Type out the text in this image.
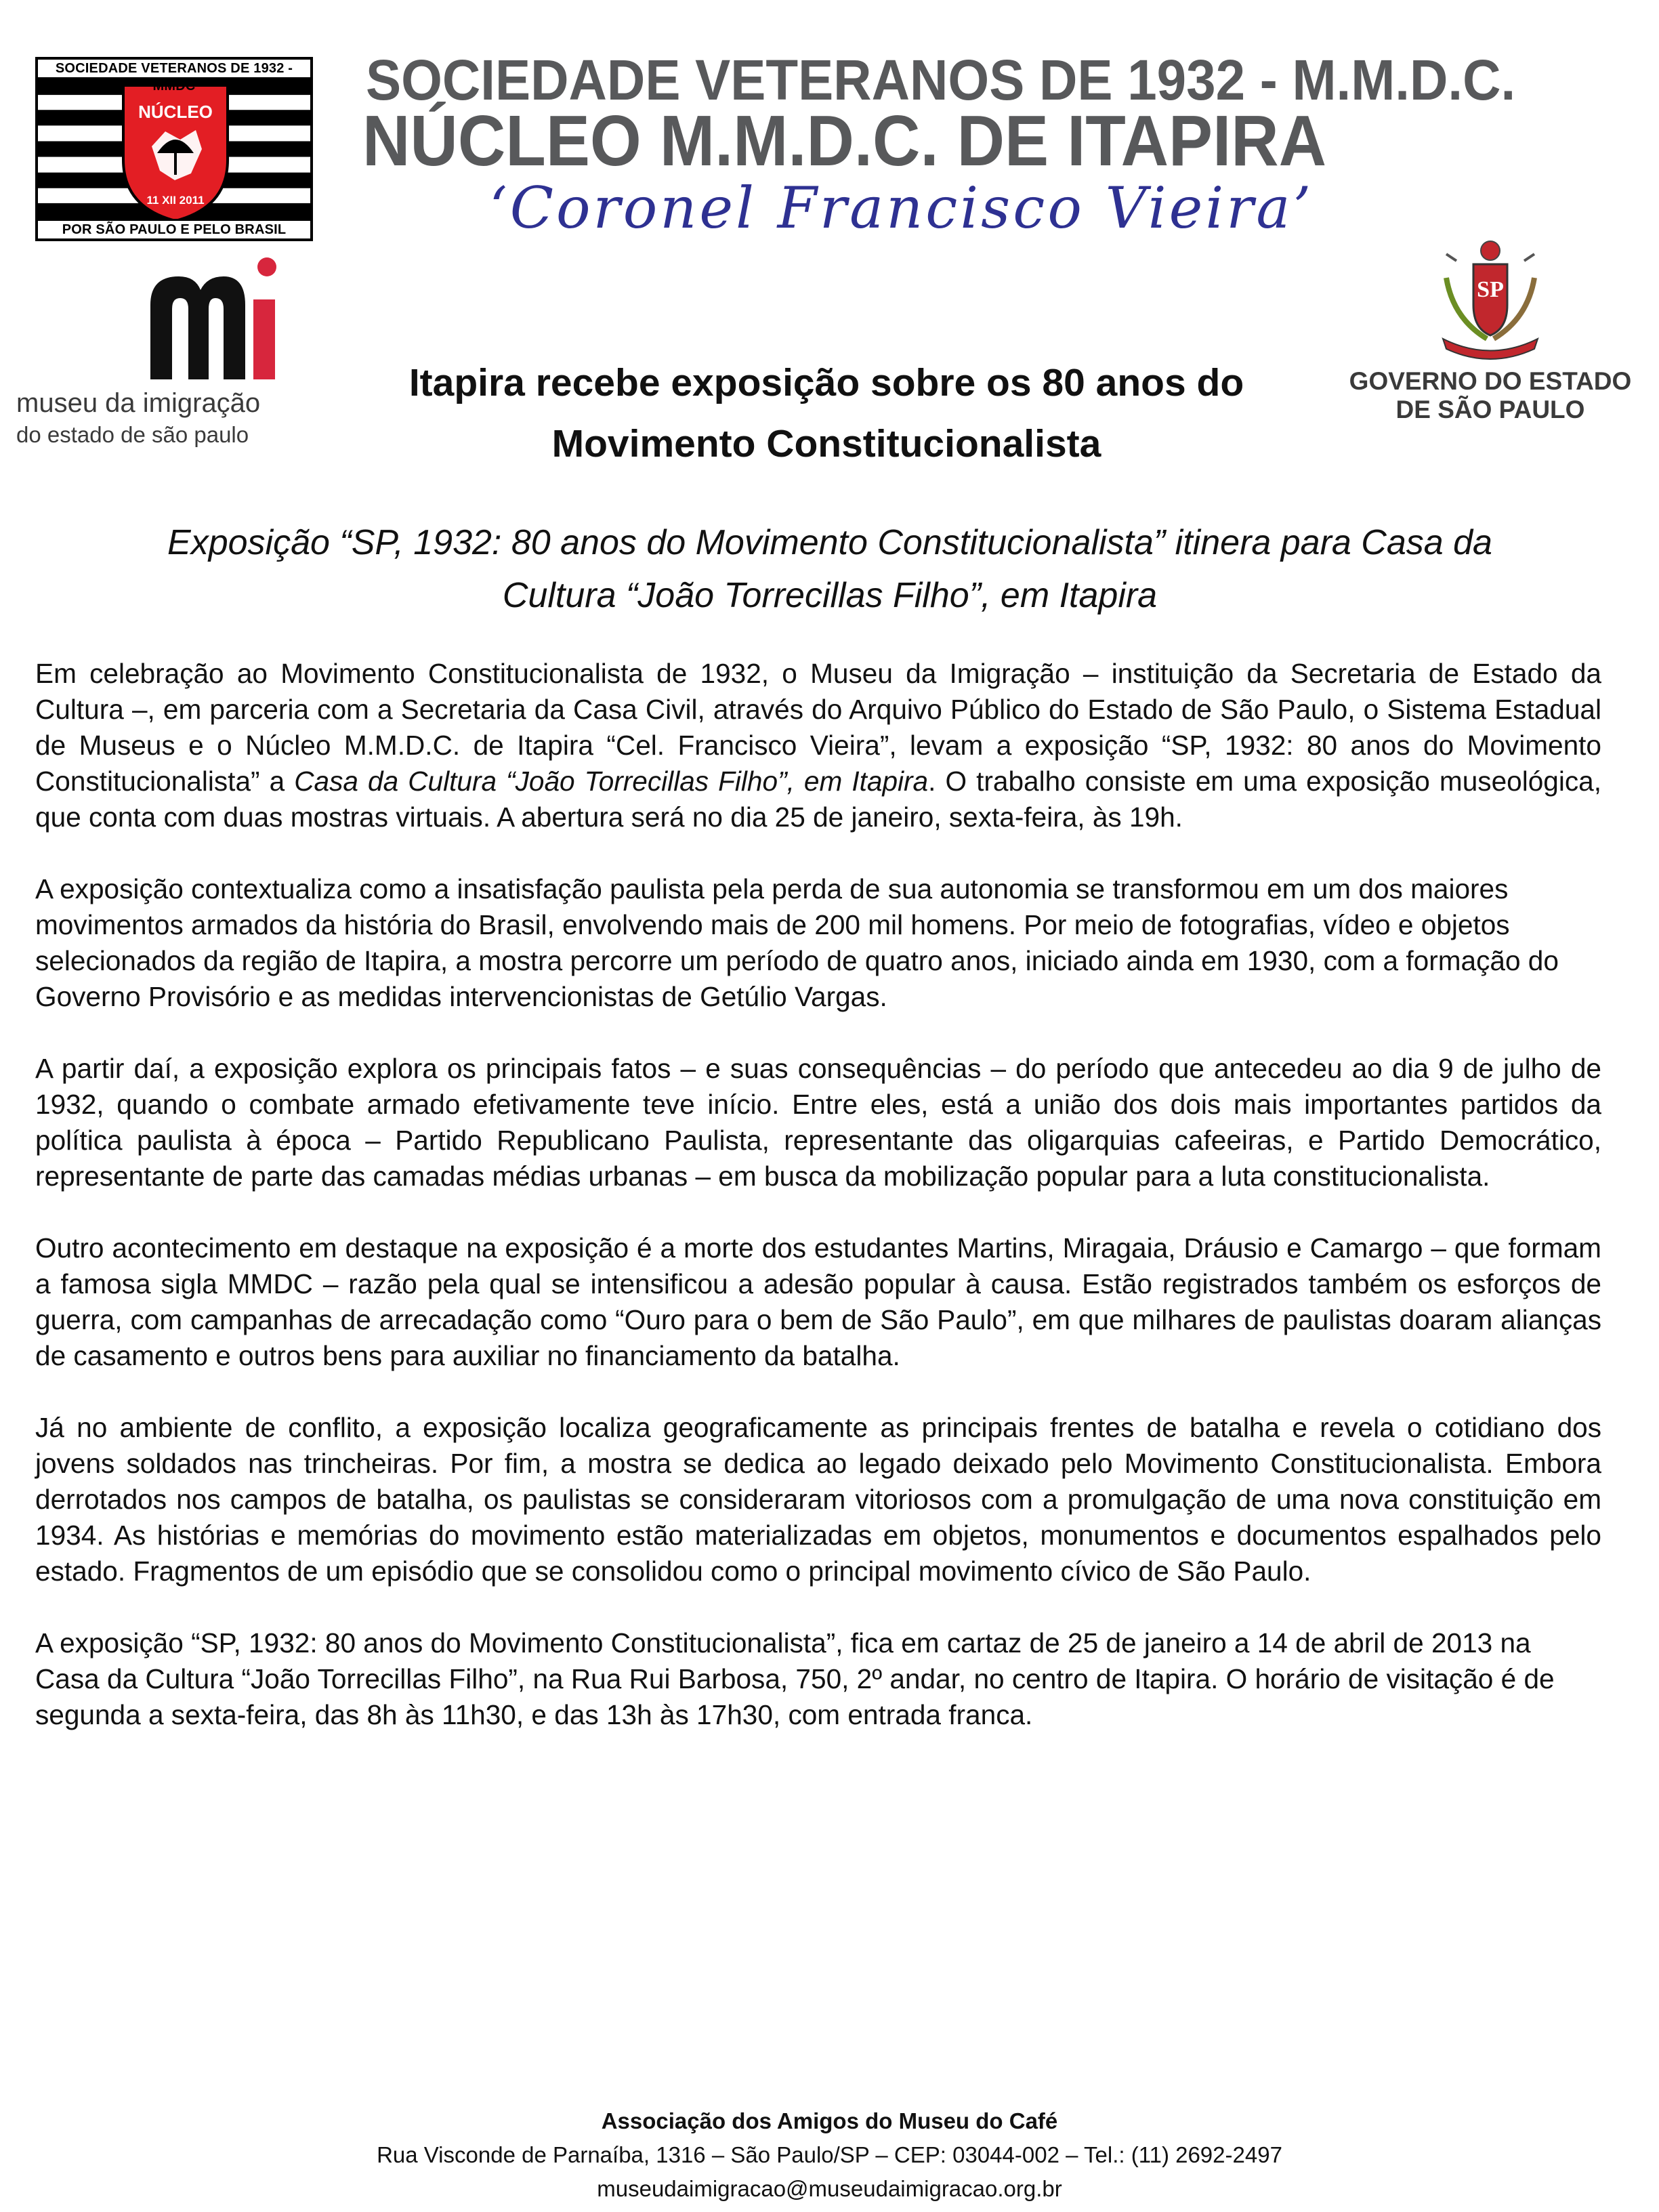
SOCIEDADE VETERANOS DE 1932 - MMDC
NÚCLEO
11 XII 2011
POR SÃO PAULO E PELO BRASIL
SOCIEDADE VETERANOS DE 1932 - M.M.D.C.
NÚCLEO M.M.D.C. DE ITAPIRA
‘Coronel Francisco Vieira’
museu da imigração
do estado de são paulo
SP
GOVERNO DO ESTADO
DE SÃO PAULO
Itapira recebe exposição sobre os 80 anos do
Movimento Constitucionalista
Exposição “SP, 1932: 80 anos do Movimento Constitucionalista” itinera para Casa da
Cultura “João Torrecillas Filho”, em Itapira

Em celebração ao Movimento Constitucionalista de 1932, o Museu da Imigração – instituição da Secretaria de Estado da Cultura –, em parceria com a Secretaria da Casa Civil, através do Arquivo Público do Estado de São Paulo, o Sistema Estadual de Museus e o Núcleo M.M.D.C. de Itapira “Cel. Francisco Vieira”, levam a exposição “SP, 1932: 80 anos do Movimento Constitucionalista” a Casa da Cultura “João Torrecillas Filho”, em Itapira. O trabalho consiste em uma exposição museológica, que conta com duas mostras virtuais. A abertura será no dia 25 de janeiro, sexta-feira, às 19h.

A exposição contextualiza como a insatisfação paulista pela perda de sua autonomia se transformou em um dos maiores movimentos armados da história do Brasil, envolvendo mais de 200 mil homens. Por meio de fotografias, vídeo e objetos selecionados da região de Itapira, a mostra percorre um período de quatro anos, iniciado ainda em 1930, com a formação do Governo Provisório e as medidas intervencionistas de Getúlio Vargas.

A partir daí, a exposição explora os principais fatos – e suas consequências – do período que antecedeu ao dia 9 de julho de 1932, quando o combate armado efetivamente teve início. Entre eles, está a união dos dois mais importantes partidos da política paulista à época – Partido Republicano Paulista, representante das oligarquias cafeeiras, e Partido Democrático, representante de parte das camadas médias urbanas – em busca da mobilização popular para a luta constitucionalista.

Outro acontecimento em destaque na exposição é a morte dos estudantes Martins, Miragaia, Dráusio e Camargo – que formam a famosa sigla MMDC – razão pela qual se intensificou a adesão popular à causa. Estão registrados também os esforços de guerra, com campanhas de arrecadação como “Ouro para o bem de São Paulo”, em que milhares de paulistas doaram alianças de casamento e outros bens para auxiliar no financiamento da batalha.

Já no ambiente de conflito, a exposição localiza geograficamente as principais frentes de batalha e revela o cotidiano dos jovens soldados nas trincheiras. Por fim, a mostra se dedica ao legado deixado pelo Movimento Constitucionalista. Embora derrotados nos campos de batalha, os paulistas se consideraram vitoriosos com a promulgação de uma nova constituição em 1934. As histórias e memórias do movimento estão materializadas em objetos, monumentos e documentos espalhados pelo estado. Fragmentos de um episódio que se consolidou como o principal movimento cívico de São Paulo.

A exposição “SP, 1932: 80 anos do Movimento Constitucionalista”, fica em cartaz de 25 de janeiro a 14 de abril de 2013 na Casa da Cultura “João Torrecillas Filho”, na Rua Rui Barbosa, 750, 2º andar, no centro de Itapira. O horário de visitação é de segunda a sexta-feira, das 8h às 11h30, e das 13h às 17h30, com entrada franca.

Associação dos Amigos do Museu do Café
Rua Visconde de Parnaíba, 1316 – São Paulo/SP – CEP: 03044-002 – Tel.: (11) 2692-2497
museudaimigracao@museudaimigracao.org.br
